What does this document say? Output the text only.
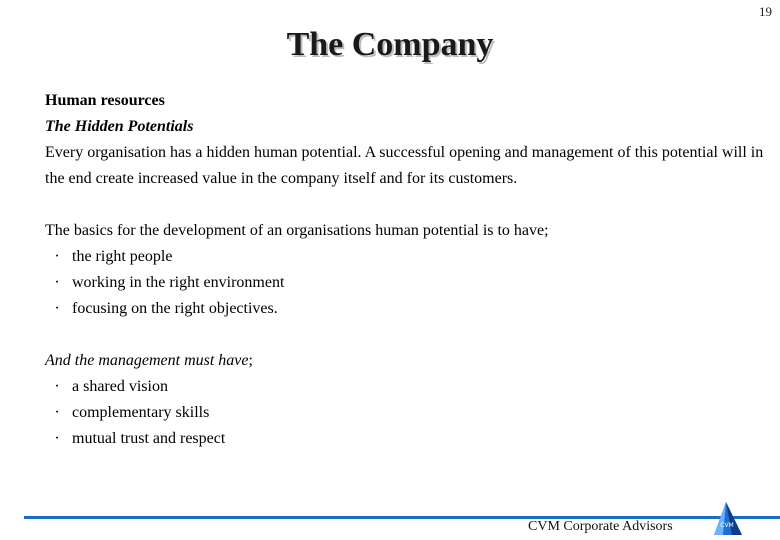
19
The Company

Human resources

The Hidden Potentials

Every organisation has a hidden human potential. A successful opening and management of this potential will in the end create increased value in the company itself and for its customers.

The basics for the development of an organisations human potential is to have;

· the right people
· working in the right environment
· focusing on the right objectives.

And the management must have;

· a shared vision
· complementary skills
· mutual trust and respect
CVM Corporate Advisors	CVM
